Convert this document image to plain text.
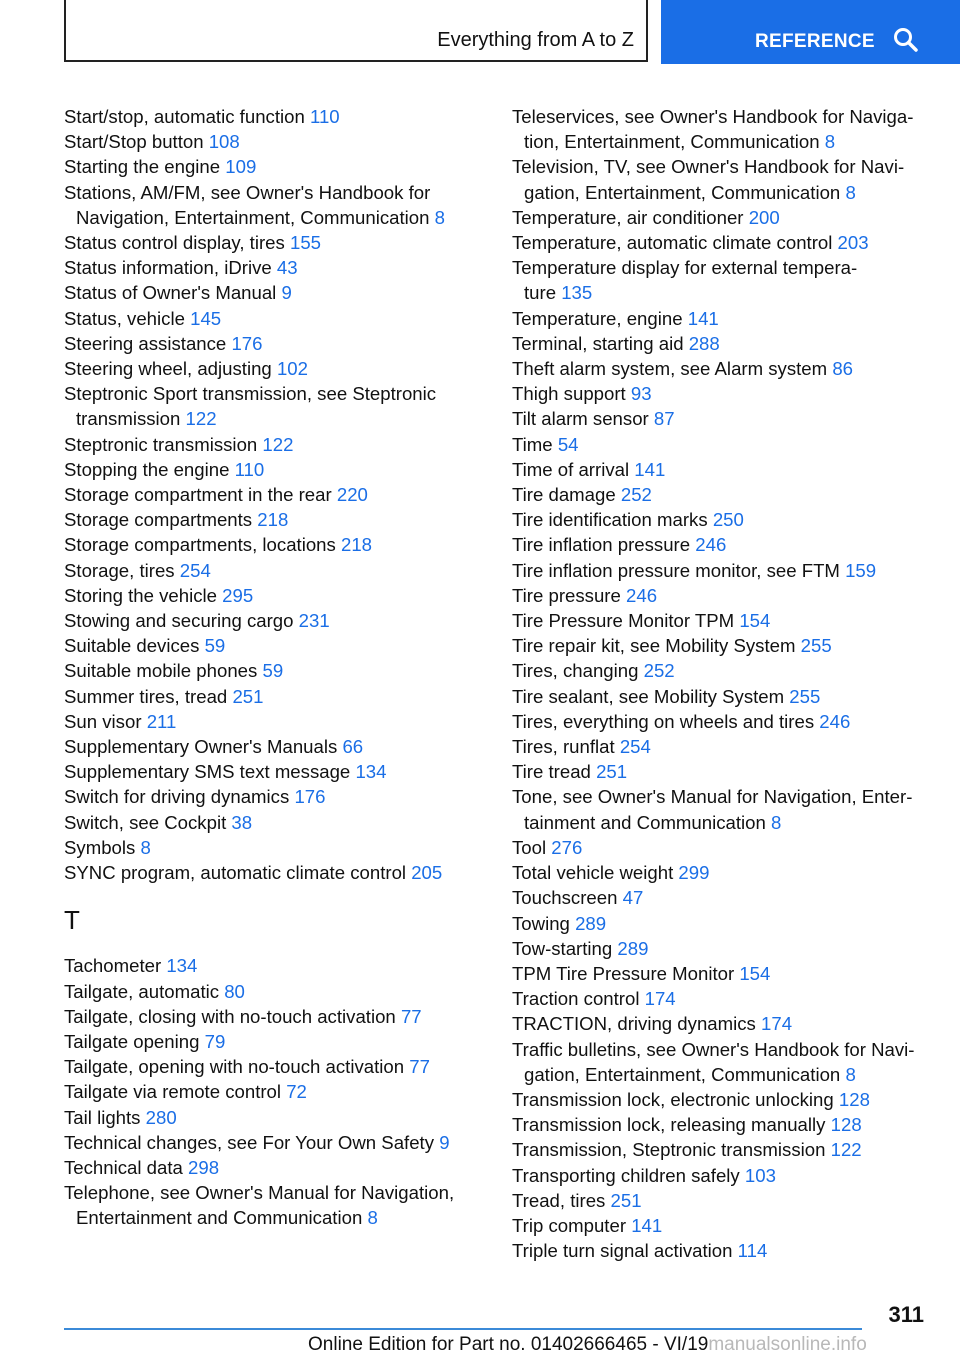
Everything from A to Z	REFERENCE
Start/stop, automatic function 110
Start/Stop button 108
Starting the engine 109
Stations, AM/FM, see Owner's Handbook for
Navigation, Entertainment, Communication 8
Status control display, tires 155
Status information, iDrive 43
Status of Owner's Manual 9
Status, vehicle 145
Steering assistance 176
Steering wheel, adjusting 102
Steptronic Sport transmission, see Steptronic
transmission 122
Steptronic transmission 122
Stopping the engine 110
Storage compartment in the rear 220
Storage compartments 218
Storage compartments, locations 218
Storage, tires 254
Storing the vehicle 295
Stowing and securing cargo 231
Suitable devices 59
Suitable mobile phones 59
Summer tires, tread 251
Sun visor 211
Supplementary Owner's Manuals 66
Supplementary SMS text message 134
Switch for driving dynamics 176
Switch, see Cockpit 38
Symbols 8
SYNC program, automatic climate control 205
T
Tachometer 134
Tailgate, automatic 80
Tailgate, closing with no-touch activation 77
Tailgate opening 79
Tailgate, opening with no-touch activation 77
Tailgate via remote control 72
Tail lights 280
Technical changes, see For Your Own Safety 9
Technical data 298
Telephone, see Owner's Manual for Navigation,
Entertainment and Communication 8
Teleservices, see Owner's Handbook for Naviga-
tion, Entertainment, Communication 8
Television, TV, see Owner's Handbook for Navi-
gation, Entertainment, Communication 8
Temperature, air conditioner 200
Temperature, automatic climate control 203
Temperature display for external tempera-
ture 135
Temperature, engine 141
Terminal, starting aid 288
Theft alarm system, see Alarm system 86
Thigh support 93
Tilt alarm sensor 87
Time 54
Time of arrival 141
Tire damage 252
Tire identification marks 250
Tire inflation pressure 246
Tire inflation pressure monitor, see FTM 159
Tire pressure 246
Tire Pressure Monitor TPM 154
Tire repair kit, see Mobility System 255
Tires, changing 252
Tire sealant, see Mobility System 255
Tires, everything on wheels and tires 246
Tires, runflat 254
Tire tread 251
Tone, see Owner's Manual for Navigation, Enter-
tainment and Communication 8
Tool 276
Total vehicle weight 299
Touchscreen 47
Towing 289
Tow-starting 289
TPM Tire Pressure Monitor 154
Traction control 174
TRACTION, driving dynamics 174
Traffic bulletins, see Owner's Handbook for Navi-
gation, Entertainment, Communication 8
Transmission lock, electronic unlocking 128
Transmission lock, releasing manually 128
Transmission, Steptronic transmission 122
Transporting children safely 103
Tread, tires 251
Trip computer 141
Triple turn signal activation 114
311
Online Edition for Part no. 01402666465 - VI/19manualsonline.info
